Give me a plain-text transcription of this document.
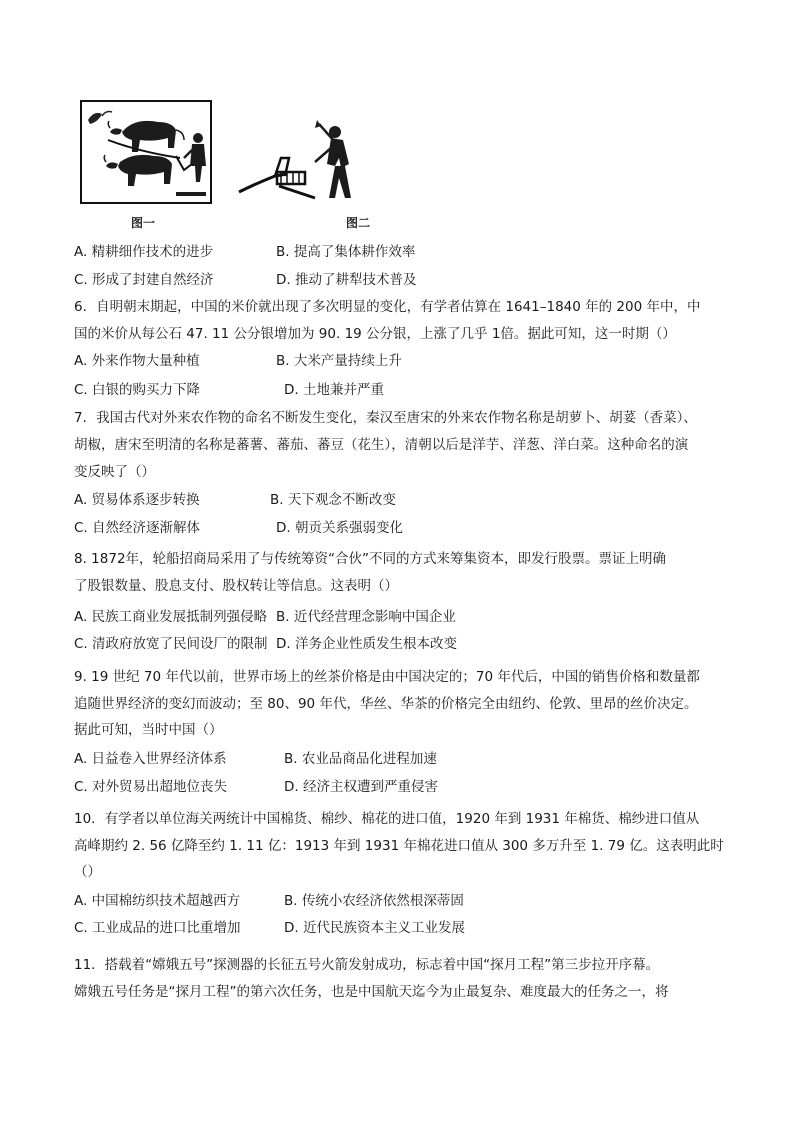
图一	图二
A. 精耕细作技术的进步	B. 提高了集体耕作效率
C. 形成了封建自然经济	D. 推动了耕犁技术普及
6．自明朝末期起，中国的米价就出现了多次明显的变化，有学者估算在 1641–1840 年的 200 年中，中
国的米价从每公石 47. 11 公分银增加为 90. 19 公分银，上涨了几乎 1倍。据此可知，这一时期（）
A. 外来作物大量种植	B. 大米产量持续上升
C. 白银的购买力下降	D. 土地兼并严重
7．我国古代对外来农作物的命名不断发生变化，秦汉至唐宋的外来农作物名称是胡萝卜、胡荽（香菜）、
胡椒，唐宋至明清的名称是蕃薯、蕃茄、蕃豆（花生），清朝以后是洋芋、洋葱、洋白菜。这种命名的演
变反映了（）
A. 贸易体系逐步转换	B. 天下观念不断改变
C. 自然经济逐渐解体	D. 朝贡关系强弱变化
8. 1872年，轮船招商局采用了与传统筹资“合伙”不同的方式来筹集资本，即发行股票。票证上明确
了股银数量、股息支付、股权转让等信息。这表明（）
A. 民族工商业发展抵制列强侵略 B. 近代经营理念影响中国企业
C. 清政府放宽了民间设厂的限制 D. 洋务企业性质发生根本改变
9. 19 世纪 70 年代以前，世界市场上的丝茶价格是由中国决定的；70 年代后，中国的销售价格和数量都
追随世界经济的变幻而波动；至 80、90 年代，华丝、华茶的价格完全由纽约、伦敦、里昂的丝价决定。
据此可知，当时中国（）
A. 日益卷入世界经济体系	B. 农业品商品化进程加速
C. 对外贸易出超地位丧失	D. 经济主权遭到严重侵害
10．有学者以单位海关两统计中国棉货、棉纱、棉花的进口值，1920 年到 1931 年棉货、棉纱进口值从
高峰期约 2. 56 亿降至约 1. 11 亿：1913 年到 1931 年棉花进口值从 300 多万升至 1. 79 亿。这表明此时
（）
A. 中国棉纺织技术超越西方	B. 传统小农经济依然根深蒂固
C. 工业成品的进口比重增加	D. 近代民族资本主义工业发展
11．搭载着“嫦娥五号”探测器的长征五号火箭发射成功，标志着中国“探月工程”第三步拉开序幕。
嫦娥五号任务是“探月工程”的第六次任务，也是中国航天迄今为止最复杂、难度最大的任务之一，将
